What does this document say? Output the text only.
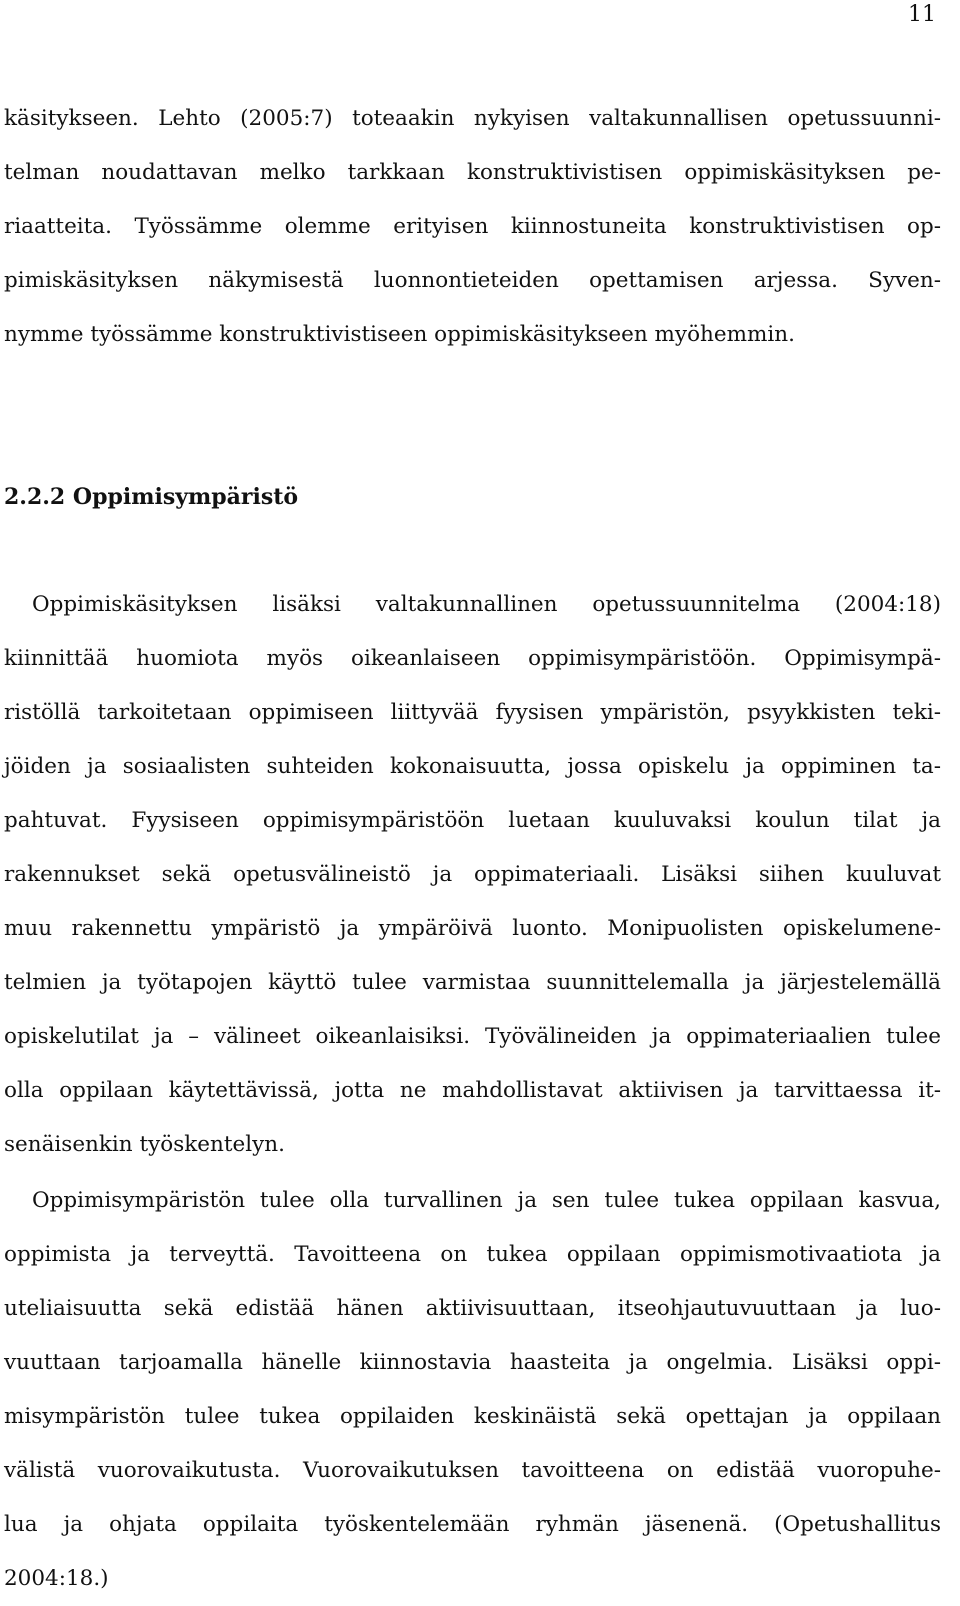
11
käsitykseen. Lehto (2005:7) toteaakin nykyisen valtakunnallisen opetussuunni-
telman noudattavan melko tarkkaan konstruktivistisen oppimiskäsityksen pe-
riaatteita. Työssämme olemme erityisen kiinnostuneita konstruktivistisen op-
pimiskäsityksen näkymisestä luonnontieteiden opettamisen arjessa. Syven-
nymme työssämme konstruktivistiseen oppimiskäsitykseen myöhemmin.
2.2.2 Oppimisympäristö
Oppimiskäsityksen lisäksi valtakunnallinen opetussuunnitelma (2004:18)
kiinnittää huomiota myös oikeanlaiseen oppimisympäristöön. Oppimisympä-
ristöllä tarkoitetaan oppimiseen liittyvää fyysisen ympäristön, psyykkisten teki-
jöiden ja sosiaalisten suhteiden kokonaisuutta, jossa opiskelu ja oppiminen ta-
pahtuvat. Fyysiseen oppimisympäristöön luetaan kuuluvaksi koulun tilat ja
rakennukset sekä opetusvälineistö ja oppimateriaali. Lisäksi siihen kuuluvat
muu rakennettu ympäristö ja ympäröivä luonto. Monipuolisten opiskelumene-
telmien ja työtapojen käyttö tulee varmistaa suunnittelemalla ja järjestelemällä
opiskelutilat ja – välineet oikeanlaisiksi. Työvälineiden ja oppimateriaalien tulee
olla oppilaan käytettävissä, jotta ne mahdollistavat aktiivisen ja tarvittaessa it-
senäisenkin työskentelyn.
Oppimisympäristön tulee olla turvallinen ja sen tulee tukea oppilaan kasvua,
oppimista ja terveyttä. Tavoitteena on tukea oppilaan oppimismotivaatiota ja
uteliaisuutta sekä edistää hänen aktiivisuuttaan, itseohjautuvuuttaan ja luo-
vuuttaan tarjoamalla hänelle kiinnostavia haasteita ja ongelmia. Lisäksi oppi-
misympäristön tulee tukea oppilaiden keskinäistä sekä opettajan ja oppilaan
välistä vuorovaikutusta. Vuorovaikutuksen tavoitteena on edistää vuoropuhe-
lua ja ohjata oppilaita työskentelemään ryhmän jäsenenä. (Opetushallitus
2004:18.)
